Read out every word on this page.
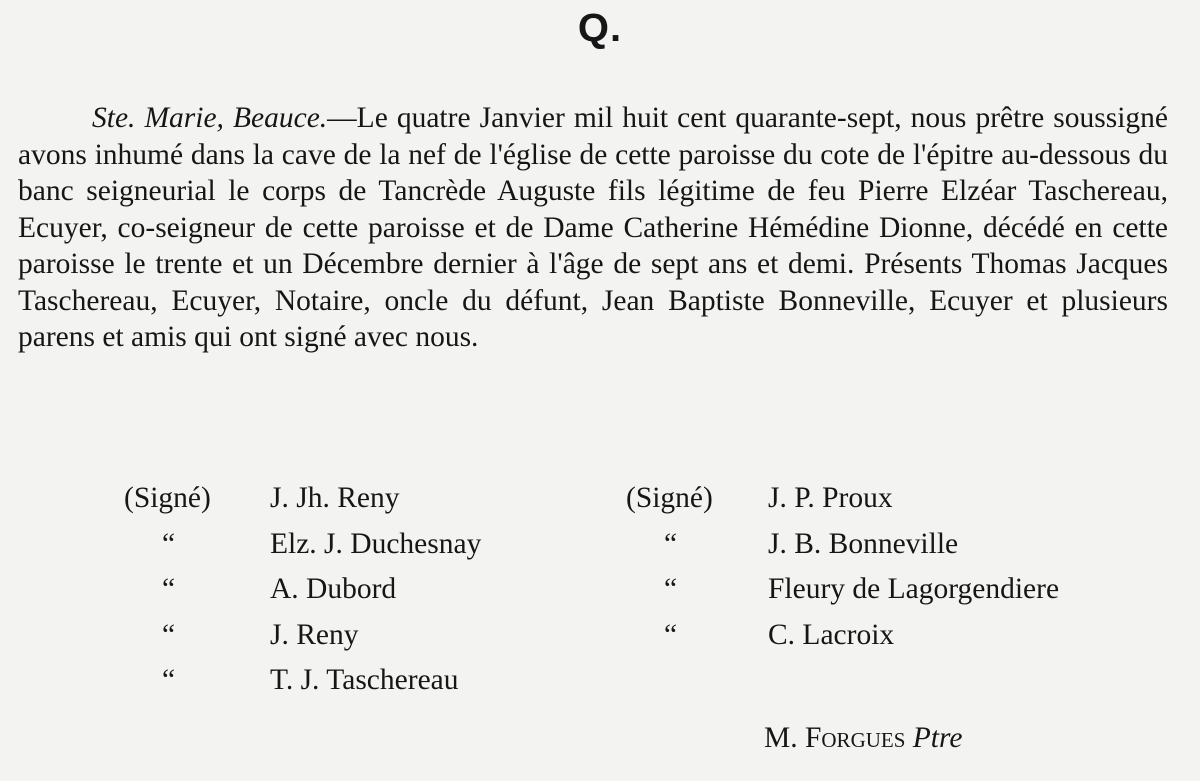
Q.

Ste. Marie, Beauce.—Le quatre Janvier mil huit cent quarante-sept, nous prêtre soussigné avons inhumé dans la cave de la nef de l'église de cette paroisse du cote de l'épitre au-dessous du banc seigneurial le corps de Tancrède Auguste fils légitime de feu Pierre Elzéar Taschereau, Ecuyer, co-seigneur de cette paroisse et de Dame Catherine Hémédine Dionne, décédé en cette paroisse le trente et un Décembre dernier à l'âge de sept ans et demi. Présents Thomas Jacques Taschereau, Ecuyer, Notaire, oncle du défunt, Jean Baptiste Bonneville, Ecuyer et plusieurs parens et amis qui ont signé avec nous.

(Signé)	J. Jh. Reny
“	Elz. J. Duchesnay
“	A. Dubord
“	J. Reny
“	T. J. Taschereau
(Signé)	J. P. Proux
“	J. B. Bonneville
“	Fleury de Lagorgendiere
“	C. Lacroix
M. Forgues Ptre
